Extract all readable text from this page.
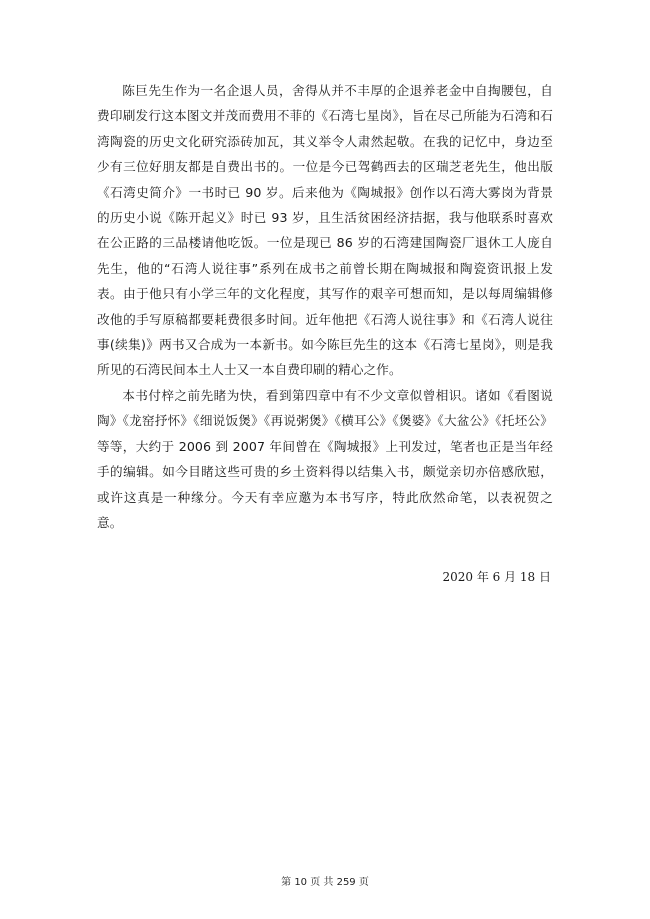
陈巨先生作为一名企退人员，舍得从并不丰厚的企退养老金中自掏腰包，自费印刷发行这本图文并茂而费用不菲的《石湾七星岗》，旨在尽己所能为石湾和石湾陶瓷的历史文化研究添砖加瓦，其义举令人肃然起敬。在我的记忆中，身边至少有三位好朋友都是自费出书的。一位是今已驾鹤西去的区瑞芝老先生，他出版《石湾史简介》一书时已 90 岁。后来他为《陶城报》创作以石湾大雾岗为背景的历史小说《陈开起义》时已 93 岁，且生活贫困经济拮据，我与他联系时喜欢在公正路的三品楼请他吃饭。一位是现已 86 岁的石湾建国陶瓷厂退休工人庞自先生，他的“石湾人说往事”系列在成书之前曾长期在陶城报和陶瓷资讯报上发表。由于他只有小学三年的文化程度，其写作的艰辛可想而知，是以每周编辑修改他的手写原稿都要耗费很多时间。近年他把《石湾人说往事》和《石湾人说往事(续集)》两书又合成为一本新书。如今陈巨先生的这本《石湾七星岗》，则是我所见的石湾民间本土人士又一本自费印刷的精心之作。

本书付梓之前先睹为快，看到第四章中有不少文章似曾相识。诸如《看图说陶》《龙窑抒怀》《细说饭煲》《再说粥煲》《横耳公》《煲婆》《大盆公》《托坯公》等等，大约于 2006 到 2007 年间曾在《陶城报》上刊发过，笔者也正是当年经手的编辑。如今目睹这些可贵的乡土资料得以结集入书，颇觉亲切亦倍感欣慰，或许这真是一种缘分。今天有幸应邀为本书写序，特此欣然命笔，以表祝贺之意。

2020 年 6 月 18 日
第 10 页 共 259 页
